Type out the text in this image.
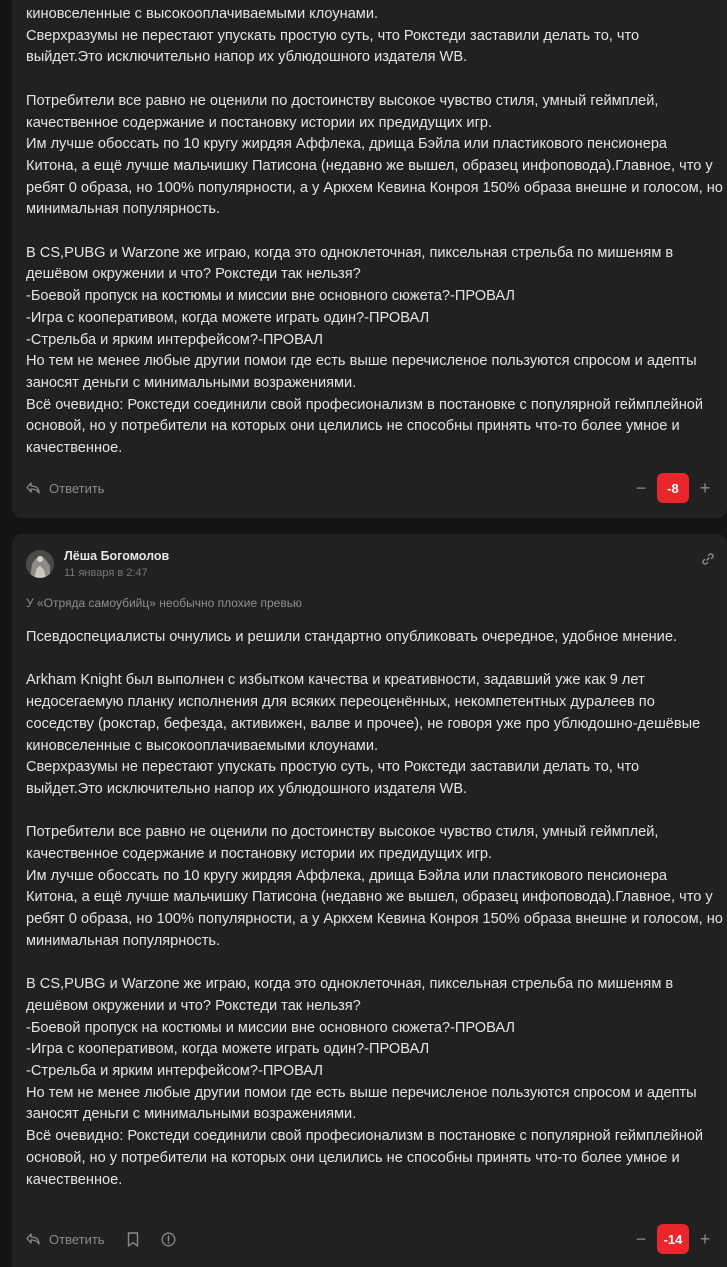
киновселенные с высокооплачиваемыми клоунами.

Сверхразумы не перестают упускать простую суть, что Рокстеди заставили делать то, что

выйдет.Это исключительно напор их ублюдошного издателя WB.

Потребители все равно не оценили по достоинству высокое чувство стиля, умный геймплей,

качественное содержание и постановку истории их предидущих игр.

Им лучше обосcать по 10 кругу жирдяя Аффлека, дрища Бэйла или пластикового пенсионера

Китона, а ещё лучше мальчишку Патисона (недавно же вышел, образец инфоповода).Главное, что у

ребят 0 образа, но 100% популярности, а у Аркхем Кевина Конроя 150% образа внешне и голосом, но

минимальная популярность.

В CS,PUBG и Warzone же играю, когда это одноклеточная, пиксельная стрельба по мишеням в

дешёвом окружении и что? Рокстеди так нельзя?

-Боевой пропуск на костюмы и миссии вне основного сюжета?-ПРОВАЛ

-Игра с кооперативом, когда можете играть один?-ПРОВАЛ

-Стрельба и ярким интерфейсом?-ПРОВАЛ

Но тем не менее любые другии помои где есть выше перечисленое пользуются спросом и адепты

заносят деньги с минимальными возражениями.

Всё очевидно: Рокстеди соединили свой професионализм в постановке с популярной геймплейной

основой, но у потребители на которых они целились не способны принять что-то более умное и

качественное.

Ответить	−	-8	+
Лёша Богомолов
11 января в 2:47
У «Отряда самоубийц» необычно плохие превью

Псевдоспециалисты очнулись и решили стандартно опубликовать очередное, удобное мнение.

Arkham Knight был выполнен с избытком качества и креативности, задавший уже как 9 лет

недосегаемую планку исполнения для всяких переоценённых, некомпетентных дуралеев по

соседству (рокстар, бефезда, активижен, валве и прочее), не говоря уже про ублюдошно-дешёвые

киновселенные с высокооплачиваемыми клоунами.

Сверхразумы не перестают упускать простую суть, что Рокстеди заставили делать то, что

выйдет.Это исключительно напор их ублюдошного издателя WB.

Потребители все равно не оценили по достоинству высокое чувство стиля, умный геймплей,

качественное содержание и постановку истории их предидущих игр.

Им лучше обосcать по 10 кругу жирдяя Аффлека, дрища Бэйла или пластикового пенсионера

Китона, а ещё лучше мальчишку Патисона (недавно же вышел, образец инфоповода).Главное, что у

ребят 0 образа, но 100% популярности, а у Аркхем Кевина Конроя 150% образа внешне и голосом, но

минимальная популярность.

В CS,PUBG и Warzone же играю, когда это одноклеточная, пиксельная стрельба по мишеням в

дешёвом окружении и что? Рокстеди так нельзя?

-Боевой пропуск на костюмы и миссии вне основного сюжета?-ПРОВАЛ

-Игра с кооперативом, когда можете играть один?-ПРОВАЛ

-Стрельба и ярким интерфейсом?-ПРОВАЛ

Но тем не менее любые другии помои где есть выше перечисленое пользуются спросом и адепты

заносят деньги с минимальными возражениями.

Всё очевидно: Рокстеди соединили свой професионализм в постановке с популярной геймплейной

основой, но у потребители на которых они целились не способны принять что-то более умное и

качественное.

Ответить	−	-14 +
